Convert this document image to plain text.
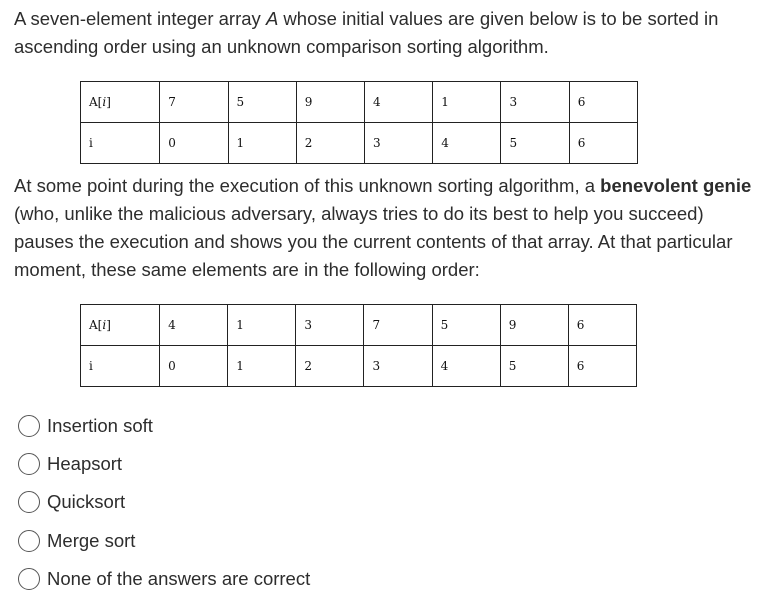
A seven-element integer array A whose initial values are given below is to be sorted in ascending order using an unknown comparison sorting algorithm.

A[i]	7	5	9	4	1	3	6
i	0	1	2	3	4	5	6

At some point during the execution of this unknown sorting algorithm, a benevolent genie (who, unlike the malicious adversary, always tries to do its best to help you succeed) pauses the execution and shows you the current contents of that array. At that particular moment, these same elements are in the following order:

A[i]	4	1	3	7	5	9	6
i	0	1	2	3	4	5	6
Insertion soft
Heapsort
Quicksort
Merge sort
None of the answers are correct
